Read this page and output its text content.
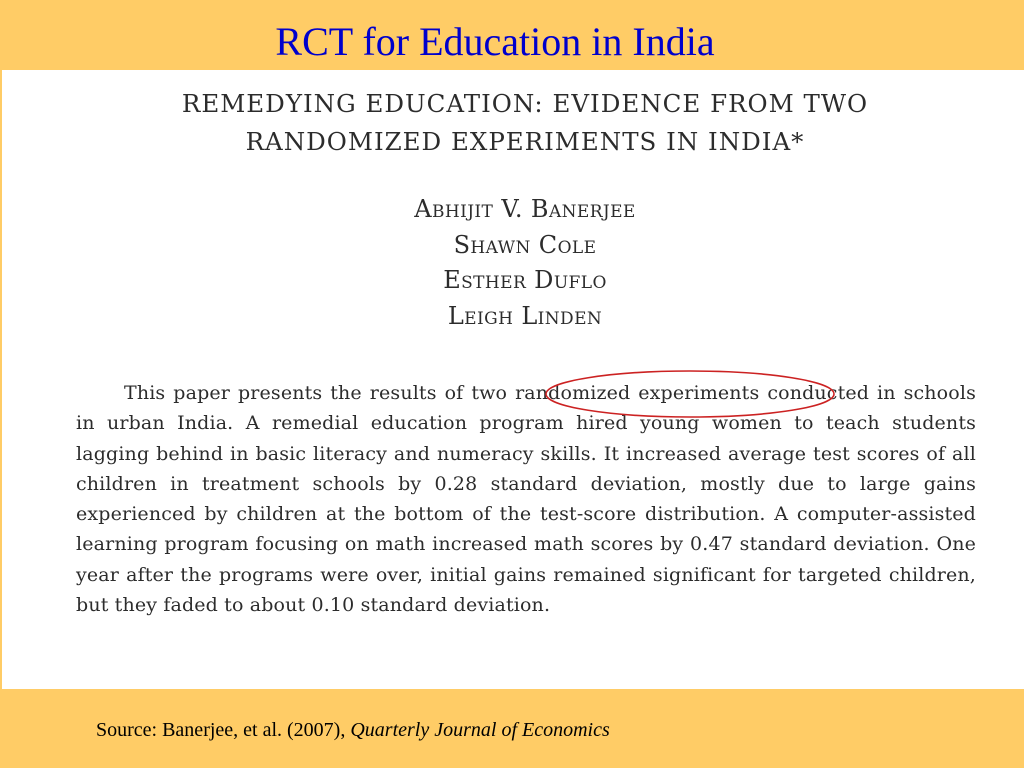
RCT for Education in India
REMEDYING EDUCATION: EVIDENCE FROM TWO
RANDOMIZED EXPERIMENTS IN INDIA*
Abhijit V. Banerjee
Shawn Cole
Esther Duflo
Leigh Linden

This paper presents the results of two randomized experiments conducted in schools in urban India. A remedial education program hired young women to teach students lagging behind in basic literacy and numeracy skills. It increased average test scores of all children in treatment schools by 0.28 standard deviation, mostly due to large gains experienced by children at the bottom of the test-score distribution. A computer-assisted learning program focusing on math increased math scores by 0.47 standard deviation. One year after the programs were over, initial gains remained significant for targeted children, but they faded to about 0.10 standard deviation.

Source: Banerjee, et al. (2007), Quarterly Journal of Economics
